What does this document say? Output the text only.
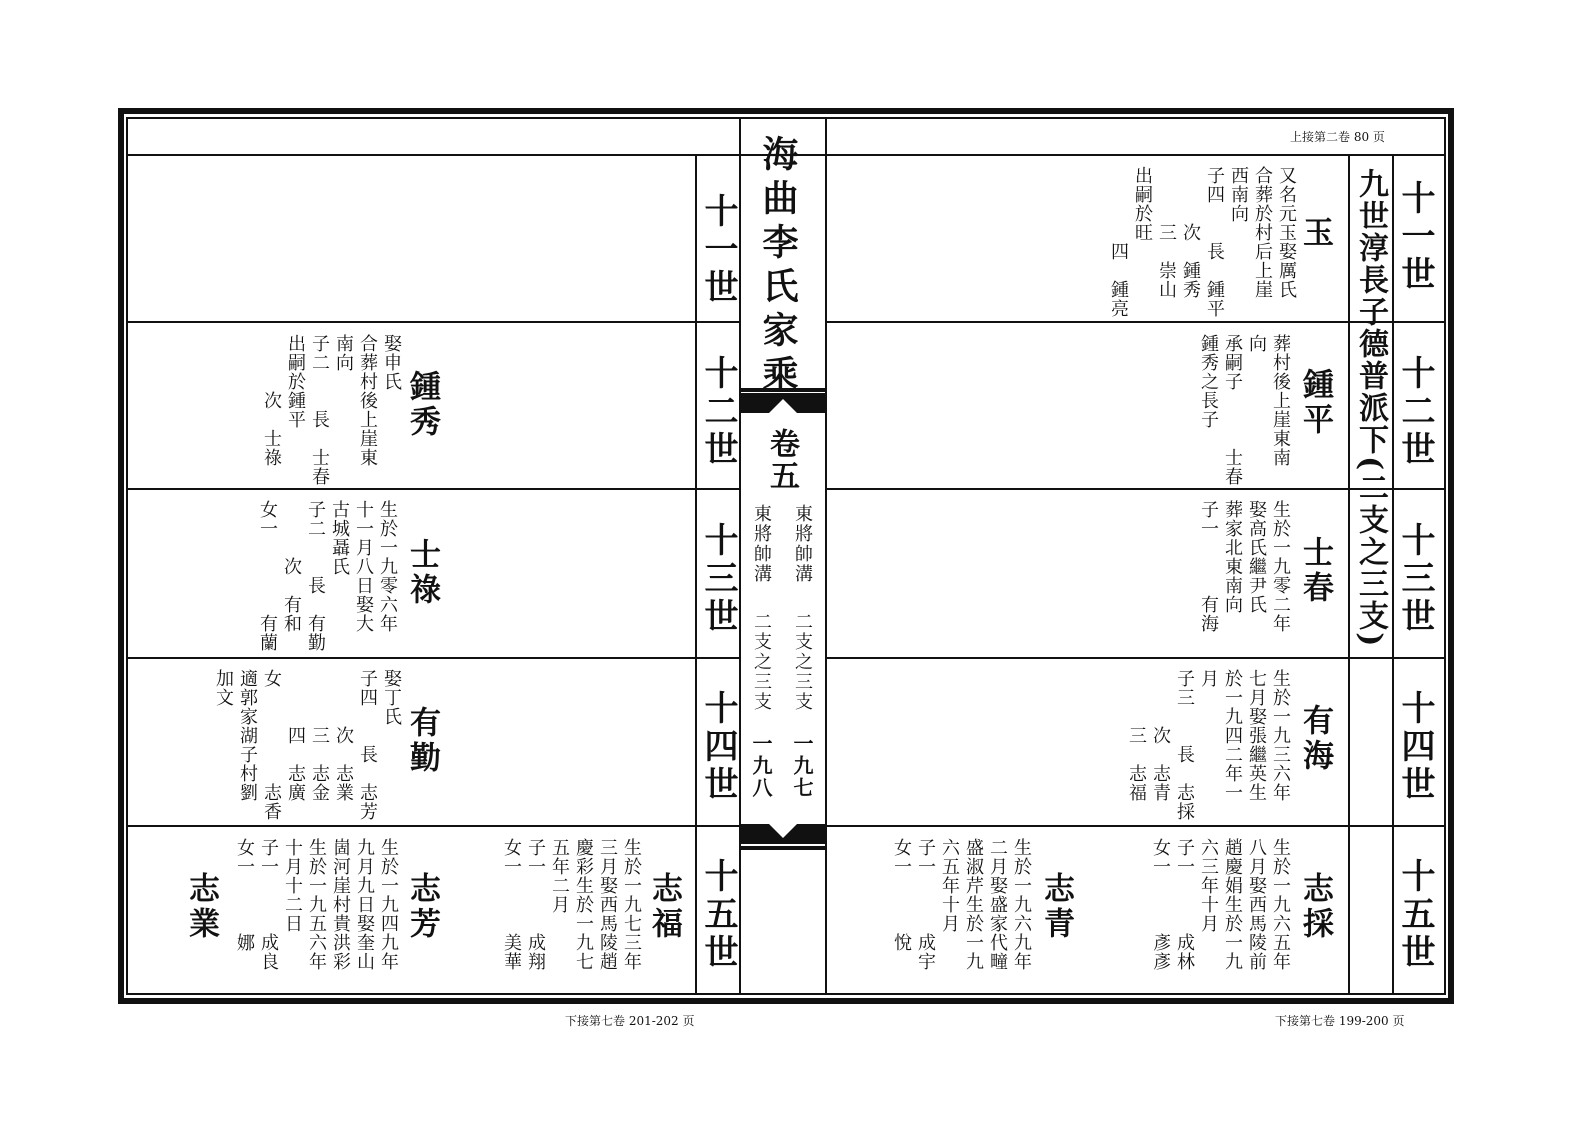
上接第二卷 80 页
下接第七卷 201-202 页	下接第七卷 199-200 页
海曲李氏家乘
卷五
東將帥溝
二支之三支
一九七
東將帥溝
二支之三支
一九八
九世淳長子德普派下(二支之三支) 十一世
十二世
十三世
十四世
十五世
十一世
十二世
十三世
十四世
十五世
玉
又名元玉娶厲氏
合葬於村后上崖
西南向
子四　　長　鍾平
　　　次　鍾秀
　　　三　崇山
出嗣於旺
　　　　四　鍾亮
鍾平
葬村後上崖東南
向
承嗣子　　　士春
鍾秀之長子
士春
生於一九零二年
娶高氏繼尹氏
葬家北東南向
子一　　　有海
有海
生於一九三六年
七月娶張繼英生
於一九四二年一
月
子三　　長　志採
　　　次　志青
　　　三　志福
志採
生於一九六五年
八月娶西馬陵前
趙慶娟生於一九
六三年十月
子一　　　成林
女一　　　彥彥
志青
生於一九六九年
二月娶盛家代疃
盛淑芹生於一九
六五年十月
子一　　　成宇
女一　　　悅
鍾秀
娶申氏
合葬村後上崖東
南向
子二　　長　士春
出嗣於鍾平
　　　次　士祿
士祿
生於一九零六年
十一月八日娶大
古城聶氏
子二　　長　有勤
　　　次　有和
女一　　　　有蘭
有勤
娶丁氏
子四　　長　志芳
　　　次　志業
　　　三　志金
　　　四　志廣
女　　　　　志香
適郭家湖子村劉
加文
志福
生於一九七三年
三月娶西馬陵趙
慶彩生於一九七
五年二月
子一　　　成翔
女一　　　美華
志芳
生於一九四九年
九月九日娶奎山
崮河崖村貴洪彩
生於一九五六年
十月十二日
子一　　　成良
女一　　　娜
志業
